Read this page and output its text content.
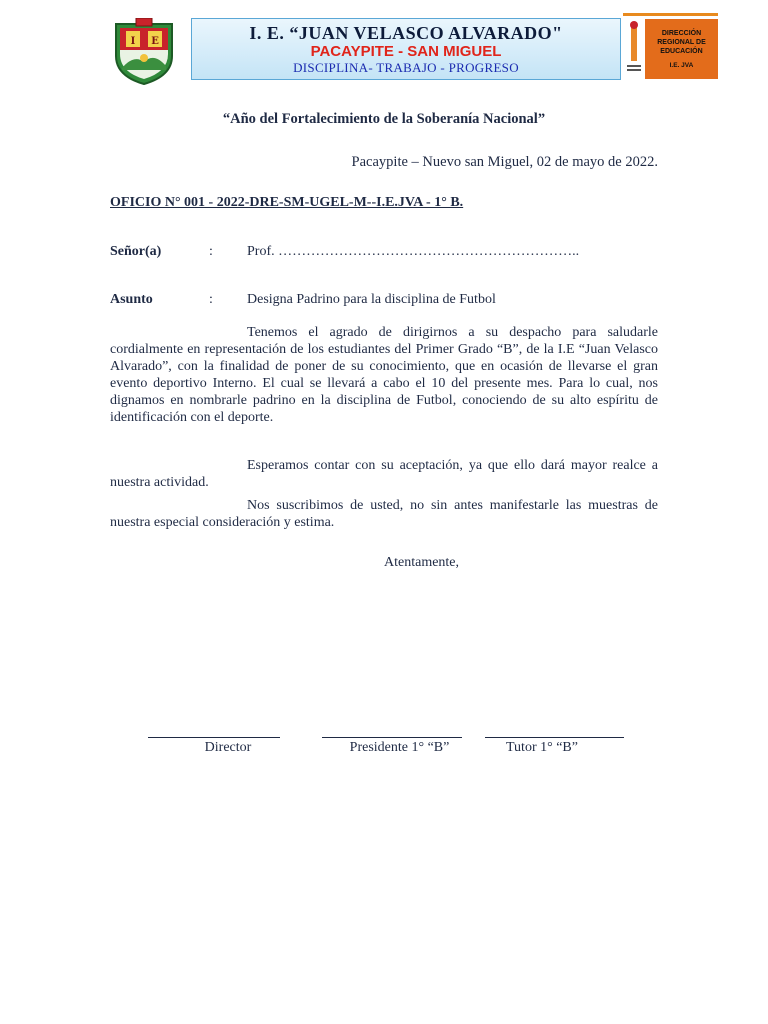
I E	I. E. “JUAN VELASCO ALVARADO"
PACAYPITE - SAN MIGUEL
DISCIPLINA- TRABAJO - PROGRESO
DIRECCIÓN REGIONAL DE EDUCACIÓN
I.E. JVA
“Año del Fortalecimiento de la Soberanía Nacional”
Pacaypite – Nuevo san Miguel, 02 de mayo de 2022.
OFICIO N° 001 - 2022-DRE-SM-UGEL-M--I.E.JVA - 1° B.
Señor(a)	: Prof. ………………………………………………………..
Asunto	: Designa Padrino para la disciplina de Futbol
Tenemos el agrado de dirigirnos a su despacho para saludarle cordialmente en representación de los estudiantes del Primer Grado “B”, de la I.E “Juan Velasco Alvarado”, con la finalidad de poner de su conocimiento, que en ocasión de llevarse el gran evento deportivo Interno. El cual se llevará a cabo el 10 del presente mes. Para lo cual, nos dignamos en nombrarle padrino en la disciplina de Futbol, conociendo de su alto espíritu de identificación con el deporte.
Esperamos contar con su aceptación, ya que ello dará mayor realce a nuestra actividad.
Nos suscribimos de usted, no sin antes manifestarle las muestras de nuestra especial consideración y estima.
Atentamente,
Director	Presidente 1° “B”	Tutor 1° “B”
